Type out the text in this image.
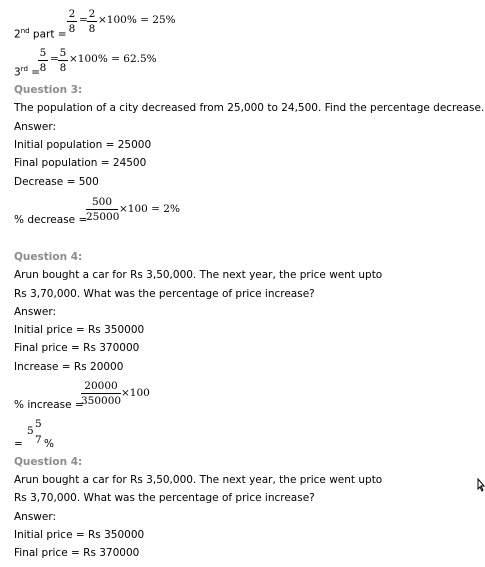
2
8
= 2
8
×100% = 25%
2nd part =
5
8
= 5
8
×100% = 62.5%
3rd =
Question 3:
The population of a city decreased from 25,000 to 24,500. Find the percentage decrease.
Answer:
Initial population = 25000
Final population = 24500
Decrease = 500
500
25000
×100 = 2%
% decrease =
Question 4:
Arun bought a car for Rs 3,50,000. The next year, the price went upto
Rs 3,70,000. What was the percentage of price increase?
Answer:
Initial price = Rs 350000
Final price = Rs 370000
Increase = Rs 20000
20000
350000
×100
% increase =
5
5
= 7 %
Question 4:
Arun bought a car for Rs 3,50,000. The next year, the price went upto
Rs 3,70,000. What was the percentage of price increase?
Answer:
Initial price = Rs 350000
Final price = Rs 370000
